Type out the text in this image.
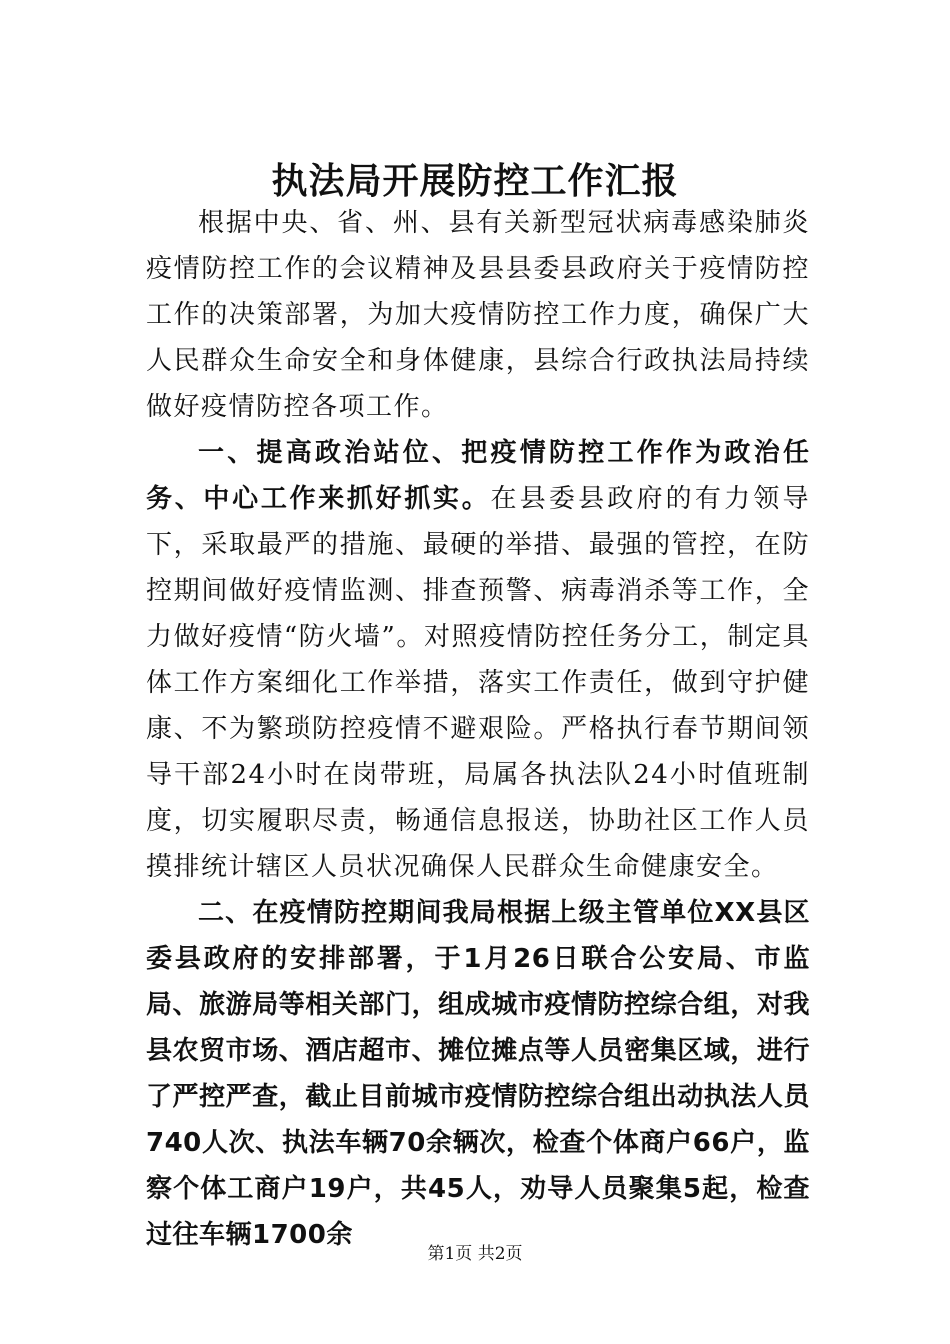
执法局开展防控工作汇报

根据中央、省、州、县有关新型冠状病毒感染肺炎疫情防控工作的会议精神及县县委县政府关于疫情防控工作的决策部署，为加大疫情防控工作力度，确保广大人民群众生命安全和身体健康，县综合行政执法局持续做好疫情防控各项工作。

一、提高政治站位、把疫情防控工作作为政治任务、中心工作来抓好抓实。在县委县政府的有力领导下，采取最严的措施、最硬的举措、最强的管控，在防控期间做好疫情监测、排查预警、病毒消杀等工作，全力做好疫情“防火墙”。对照疫情防控任务分工，制定具体工作方案细化工作举措，落实工作责任，做到守护健康、不为繁琐防控疫情不避艰险。严格执行春节期间领导干部24小时在岗带班，局属各执法队24小时值班制度，切实履职尽责，畅通信息报送，协助社区工作人员摸排统计辖区人员状况确保人民群众生命健康安全。

二、在疫情防控期间我局根据上级主管单位XX县区委县政府的安排部署，于1月26日联合公安局、市监局、旅游局等相关部门，组成城市疫情防控综合组，对我县农贸市场、酒店超市、摊位摊点等人员密集区域，进行了严控严查，截止目前城市疫情防控综合组出动执法人员740人次、执法车辆70余辆次，检查个体商户66户，监察个体工商户19户，共45人，劝导人员聚集5起，检查过往车辆1700余

第1页 共2页
